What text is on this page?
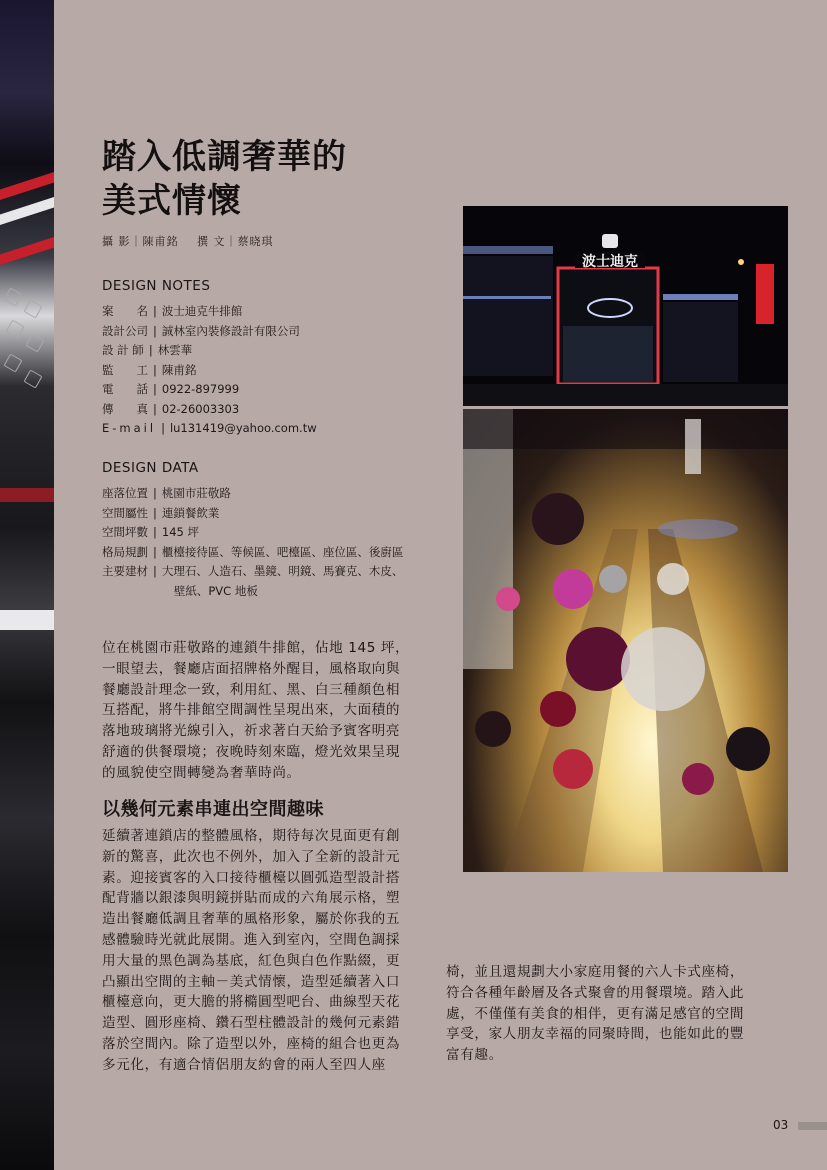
踏入低調奢華的
美式情懷
攝 影｜陳甫銘 撰 文｜蔡晓琪
DESIGN NOTES
案　　名 | 波士迪克牛排館
設計公司 | 誠林室內裝修設計有限公司
設 計 師 | 林雲華
監　　工 | 陳甫銘
電　　話 | 0922-897999
傳　　真 | 02-26003303
E-mail | lu131419@yahoo.com.tw
DESIGN DATA
座落位置 | 桃園市莊敬路
空間屬性 | 連鎖餐飲業
空間坪數 | 145 坪
格局規劃 | 櫃檯接待區、等候區、吧檯區、座位區、後廚區
主要建材 | 大理石、人造石、墨鏡、明鏡、馬賽克、木皮、
壁紙、PVC 地板
位在桃園市莊敬路的連鎖牛排館，佔地 145 坪，
一眼望去，餐廳店面招牌格外醒目，風格取向與
餐廳設計理念一致，利用紅、黑、白三種顏色相
互搭配，將牛排館空間調性呈現出來，大面積的
落地玻璃將光線引入，祈求著白天給予賓客明亮
舒適的供餐環境；夜晚時刻來臨，燈光效果呈現
的風貌使空間轉變為奢華時尚。
以幾何元素串連出空間趣味
延續著連鎖店的整體風格，期待每次見面更有創
新的驚喜，此次也不例外，加入了全新的設計元
素。迎接賓客的入口接待櫃檯以圓弧造型設計搭
配背牆以銀漆與明鏡拼貼而成的六角展示格，塑
造出餐廳低調且奢華的風格形象，屬於你我的五
感體驗時光就此展開。進入到室內，空間色調採
用大量的黑色調為基底，紅色與白色作點綴，更
凸顯出空間的主軸－美式情懷，造型延續著入口
櫃檯意向，更大膽的將橢圓型吧台、曲線型天花
造型、圓形座椅、鑽石型柱體設計的幾何元素錯
落於空間內。除了造型以外，座椅的組合也更為
多元化，有適合情侶朋友約會的兩人至四人座
椅，並且還規劃大小家庭用餐的六人卡式座椅，
符合各種年齡層及各式聚會的用餐環境。踏入此
處，不僅僅有美食的相伴，更有滿足感官的空間
享受，家人朋友幸福的同聚時間，也能如此的豐
富有趣。
波士迪克
03
